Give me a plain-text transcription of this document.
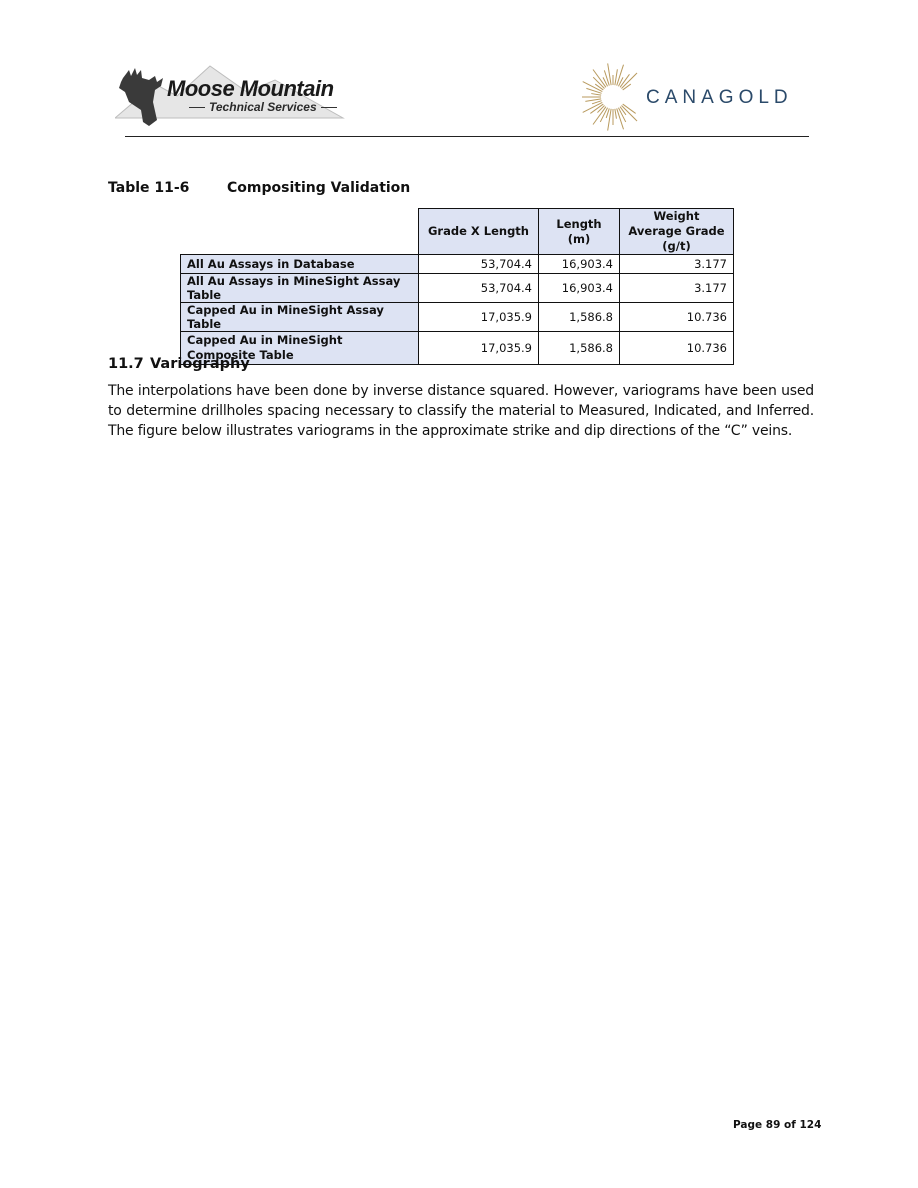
Moose Mountain
Technical Services	CANAGOLD
Table 11-6	Compositing Validation
	Grade X Length	Length (m)	Weight Average Grade (g/t)
All Au Assays in Database	53,704.4	16,903.4	3.177
All Au Assays in MineSight Assay Table	53,704.4	16,903.4	3.177
Capped Au in MineSight Assay Table	17,035.9	1,586.8	10.736
Capped Au in MineSight Composite Table	17,035.9	1,586.8	10.736
11.7 Variography
The interpolations have been done by inverse distance squared. However, variograms have been used to determine drillholes spacing necessary to classify the material to Measured, Indicated, and Inferred. The figure below illustrates variograms in the approximate strike and dip directions of the “C” veins.
Page 89 of 124
